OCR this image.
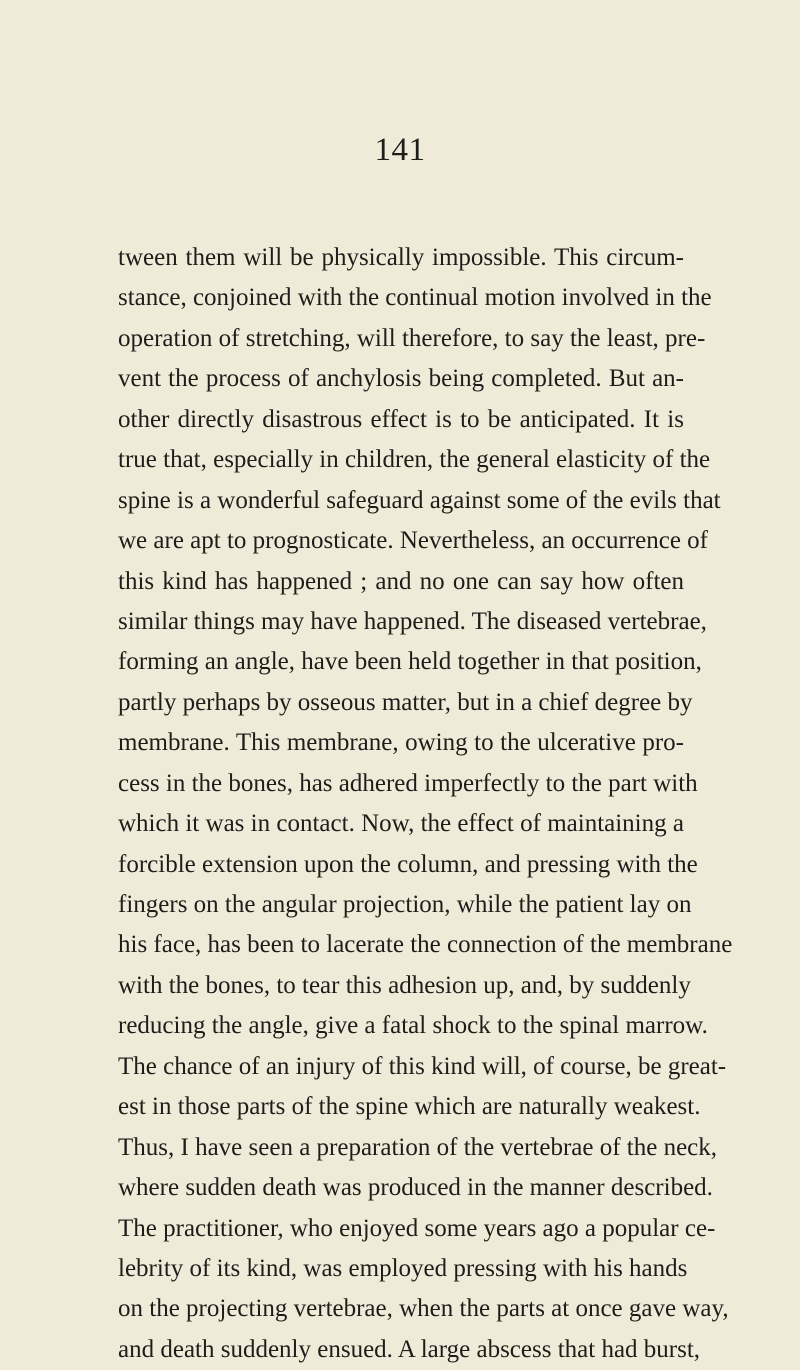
141
tween them will be physically impossible. This circum-
stance, conjoined with the continual motion involved in the
operation of stretching, will therefore, to say the least, pre-
vent the process of anchylosis being completed. But an-
other directly disastrous effect is to be anticipated. It is
true that, especially in children, the general elasticity of the
spine is a wonderful safeguard against some of the evils that
we are apt to prognosticate. Nevertheless, an occurrence of
this kind has happened ; and no one can say how often
similar things may have happened. The diseased vertebrae,
forming an angle, have been held together in that position,
partly perhaps by osseous matter, but in a chief degree by
membrane. This membrane, owing to the ulcerative pro-
cess in the bones, has adhered imperfectly to the part with
which it was in contact. Now, the effect of maintaining a
forcible extension upon the column, and pressing with the
fingers on the angular projection, while the patient lay on
his face, has been to lacerate the connection of the membrane
with the bones, to tear this adhesion up, and, by suddenly
reducing the angle, give a fatal shock to the spinal marrow.
The chance of an injury of this kind will, of course, be great-
est in those parts of the spine which are naturally weakest.
Thus, I have seen a preparation of the vertebrae of the neck,
where sudden death was produced in the manner described.
The practitioner, who enjoyed some years ago a popular ce-
lebrity of its kind, was employed pressing with his hands
on the projecting vertebrae, when the parts at once gave way,
and death suddenly ensued. A large abscess that had burst,
